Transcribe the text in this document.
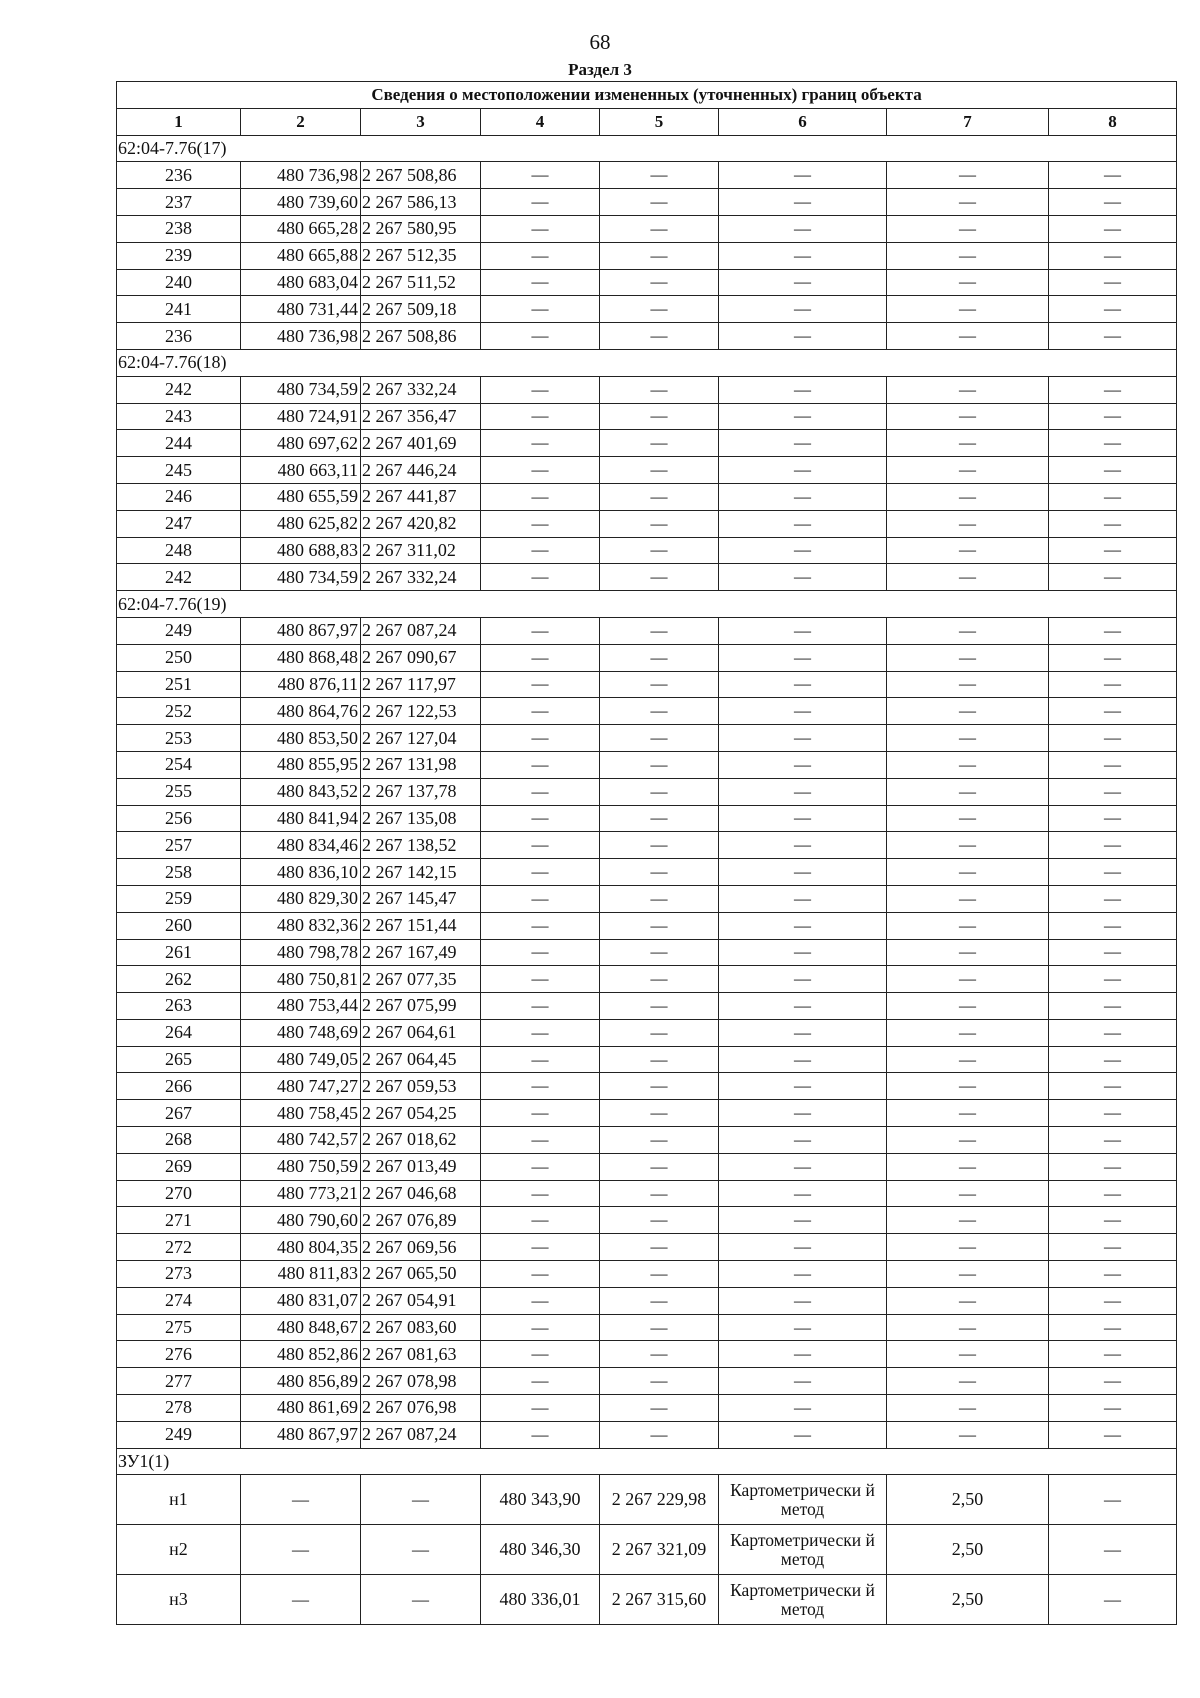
68
Раздел 3
Сведения о местоположении измененных (уточненных) границ объекта							
1	2	3	4	5	6	7	8
62:04-7.76(17)							
236	480 736,98	2 267 508,86	—	—	—	—	—
237	480 739,60	2 267 586,13	—	—	—	—	—
238	480 665,28	2 267 580,95	—	—	—	—	—
239	480 665,88	2 267 512,35	—	—	—	—	—
240	480 683,04	2 267 511,52	—	—	—	—	—
241	480 731,44	2 267 509,18	—	—	—	—	—
236	480 736,98	2 267 508,86	—	—	—	—	—
62:04-7.76(18)							
242	480 734,59	2 267 332,24	—	—	—	—	—
243	480 724,91	2 267 356,47	—	—	—	—	—
244	480 697,62	2 267 401,69	—	—	—	—	—
245	480 663,11	2 267 446,24	—	—	—	—	—
246	480 655,59	2 267 441,87	—	—	—	—	—
247	480 625,82	2 267 420,82	—	—	—	—	—
248	480 688,83	2 267 311,02	—	—	—	—	—
242	480 734,59	2 267 332,24	—	—	—	—	—
62:04-7.76(19)							
249	480 867,97	2 267 087,24	—	—	—	—	—
250	480 868,48	2 267 090,67	—	—	—	—	—
251	480 876,11	2 267 117,97	—	—	—	—	—
252	480 864,76	2 267 122,53	—	—	—	—	—
253	480 853,50	2 267 127,04	—	—	—	—	—
254	480 855,95	2 267 131,98	—	—	—	—	—
255	480 843,52	2 267 137,78	—	—	—	—	—
256	480 841,94	2 267 135,08	—	—	—	—	—
257	480 834,46	2 267 138,52	—	—	—	—	—
258	480 836,10	2 267 142,15	—	—	—	—	—
259	480 829,30	2 267 145,47	—	—	—	—	—
260	480 832,36	2 267 151,44	—	—	—	—	—
261	480 798,78	2 267 167,49	—	—	—	—	—
262	480 750,81	2 267 077,35	—	—	—	—	—
263	480 753,44	2 267 075,99	—	—	—	—	—
264	480 748,69	2 267 064,61	—	—	—	—	—
265	480 749,05	2 267 064,45	—	—	—	—	—
266	480 747,27	2 267 059,53	—	—	—	—	—
267	480 758,45	2 267 054,25	—	—	—	—	—
268	480 742,57	2 267 018,62	—	—	—	—	—
269	480 750,59	2 267 013,49	—	—	—	—	—
270	480 773,21	2 267 046,68	—	—	—	—	—
271	480 790,60	2 267 076,89	—	—	—	—	—
272	480 804,35	2 267 069,56	—	—	—	—	—
273	480 811,83	2 267 065,50	—	—	—	—	—
274	480 831,07	2 267 054,91	—	—	—	—	—
275	480 848,67	2 267 083,60	—	—	—	—	—
276	480 852,86	2 267 081,63	—	—	—	—	—
277	480 856,89	2 267 078,98	—	—	—	—	—
278	480 861,69	2 267 076,98	—	—	—	—	—
249	480 867,97	2 267 087,24	—	—	—	—	—
ЗУ1(1)							
н1	—	—	480 343,90	2 267 229,98	Картометрически й метод	2,50	—
н2	—	—	480 346,30	2 267 321,09	Картометрически й метод	2,50	—
н3	—	—	480 336,01	2 267 315,60	Картометрически й метод	2,50	—
